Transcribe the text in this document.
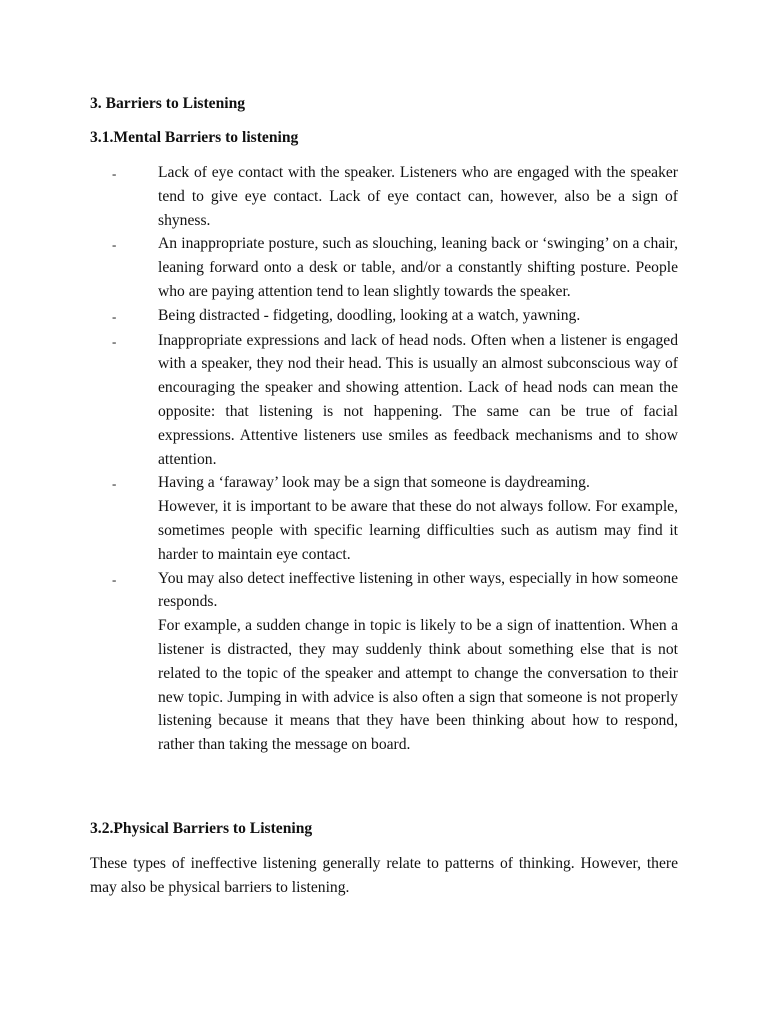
3. Barriers to Listening
3.1.Mental Barriers to listening
-	Lack of eye contact with the speaker. Listeners who are engaged with the speaker tend to give eye contact. Lack of eye contact can, however, also be a sign of shyness.

-	An inappropriate posture, such as slouching, leaning back or ‘swinging’ on a chair, leaning forward onto a desk or table, and/or a constantly shifting posture. People who are paying attention tend to lean slightly towards the speaker.

-	Being distracted - fidgeting, doodling, looking at a watch, yawning.

-	Inappropriate expressions and lack of head nods. Often when a listener is engaged with a speaker, they nod their head. This is usually an almost subconscious way of encouraging the speaker and showing attention. Lack of head nods can mean the opposite: that listening is not happening. The same can be true of facial expressions. Attentive listeners use smiles as feedback mechanisms and to show attention.

-	Having a ‘faraway’ look may be a sign that someone is daydreaming.

However, it is important to be aware that these do not always follow. For example, sometimes people with specific learning difficulties such as autism may find it harder to maintain eye contact.

-	You may also detect ineffective listening in other ways, especially in how someone responds.

For example, a sudden change in topic is likely to be a sign of inattention. When a listener is distracted, they may suddenly think about something else that is not related to the topic of the speaker and attempt to change the conversation to their new topic. Jumping in with advice is also often a sign that someone is not properly listening because it means that they have been thinking about how to respond, rather than taking the message on board.

3.2.Physical Barriers to Listening

These types of ineffective listening generally relate to patterns of thinking. However, there may also be physical barriers to listening.
